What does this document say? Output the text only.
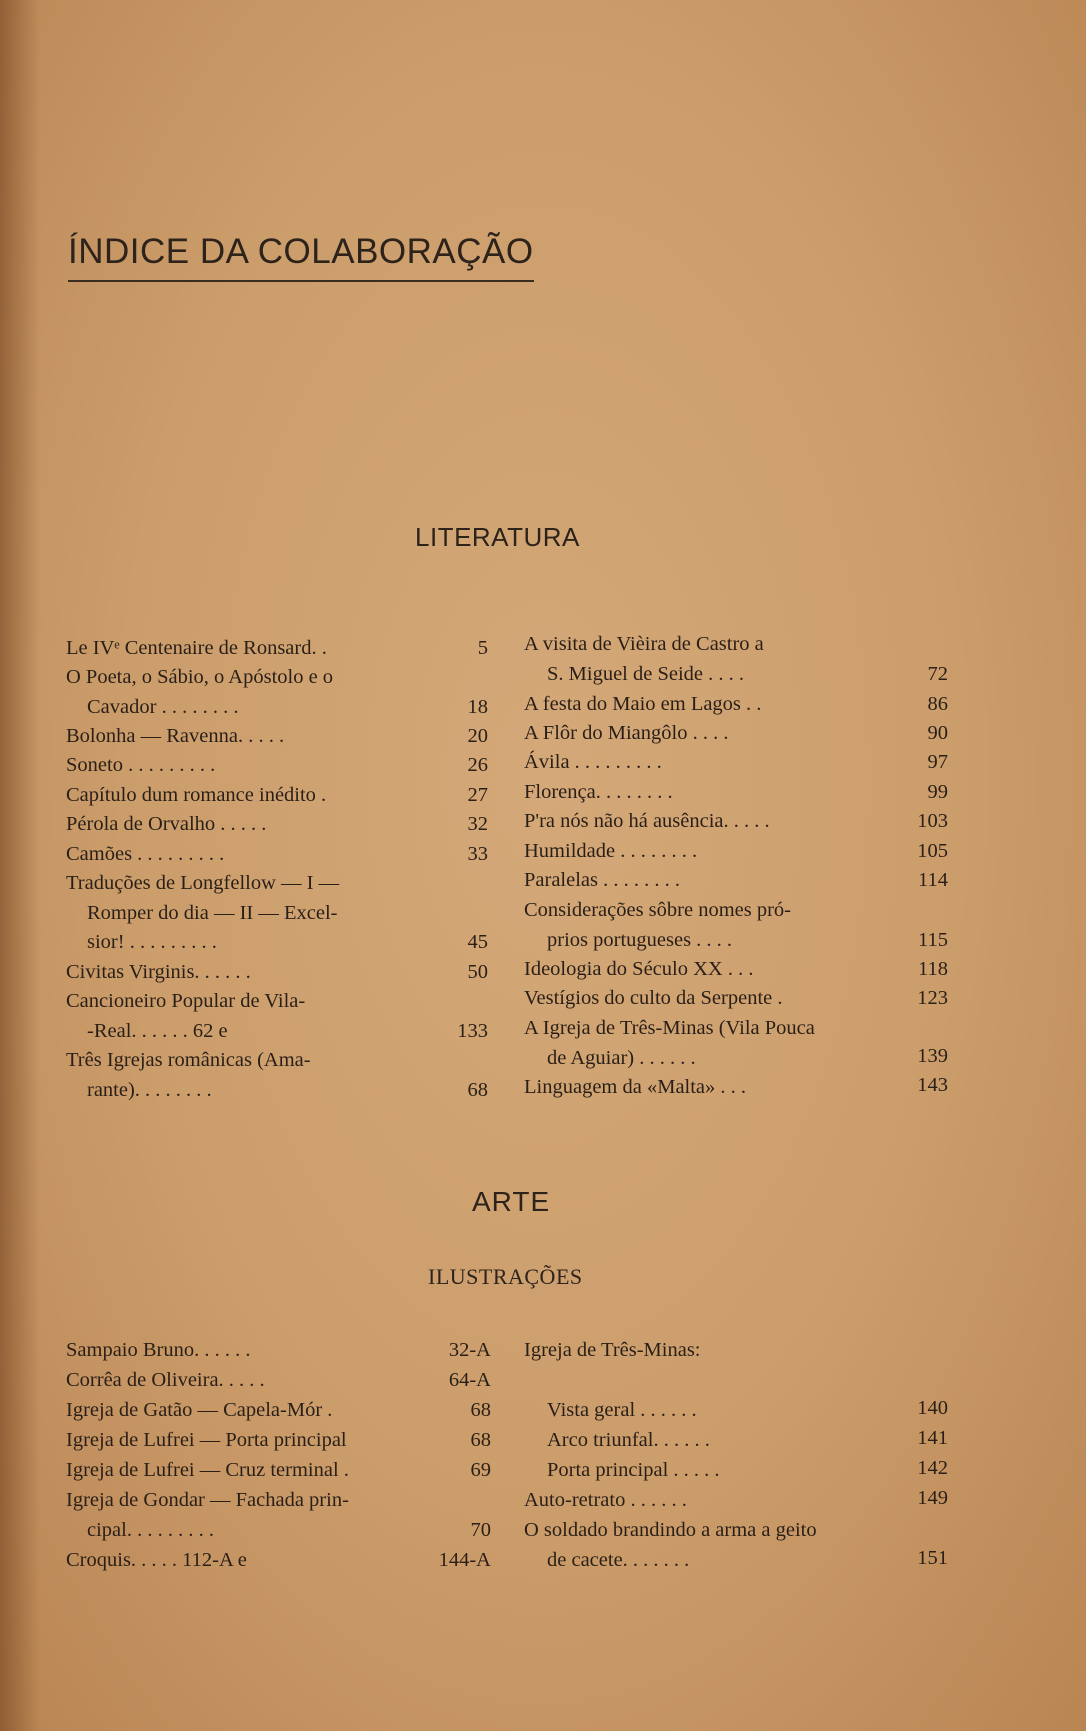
ÍNDICE DA COLABORAÇÃO
LITERATURA
Le IVᵉ Centenaire de Ronsard. .	5
O Poeta, o Sábio, o Apóstolo e o
Cavador . . . . . . . .	18
Bolonha — Ravenna. . . . .	20
Soneto . . . . . . . . .	26
Capítulo dum romance inédito .	27
Pérola de Orvalho . . . . .	32
Camões . . . . . . . . .	33
Traduções de Longfellow — I —
Romper do dia — II — Excel-
sior! . . . . . . . . .	45
Civitas Virginis. . . . . .	50
Cancioneiro Popular de Vila-
-Real. . . . . . 62 e	133
Três Igrejas românicas (Ama-
rante). . . . . . . .	68
A visita de Vièira de Castro a
S. Miguel de Seide . . . .	72
A festa do Maio em Lagos . .	86
A Flôr do Miangôlo . . . .	90
Ávila . . . . . . . . .	97
Florença. . . . . . . .	99
P'ra nós não há ausência. . . . .	103
Humildade . . . . . . . .	105
Paralelas . . . . . . . .	114
Considerações sôbre nomes pró-
prios portugueses . . . .	115
Ideologia do Século XX . . .	118
Vestígios do culto da Serpente .	123
A Igreja de Três-Minas (Vila Pouca
de Aguiar) . . . . . .	139
Linguagem da «Malta» . . .	143
ARTE
ILUSTRAÇÕES
Sampaio Bruno. . . . . .	32-A
Corrêa de Oliveira. . . . .	64-A
Igreja de Gatão — Capela-Mór .	68
Igreja de Lufrei — Porta principal	68
Igreja de Lufrei — Cruz terminal .	69
Igreja de Gondar — Fachada prin-
cipal. . . . . . . . .	70
Croquis. . . . . 112-A e	144-A
Igreja de Três-Minas:
Vista geral . . . . . .	140
Arco triunfal. . . . . .	141
Porta principal . . . . .	142
Auto-retrato . . . . . .	149
O soldado brandindo a arma a geito
de cacete. . . . . . .	151
